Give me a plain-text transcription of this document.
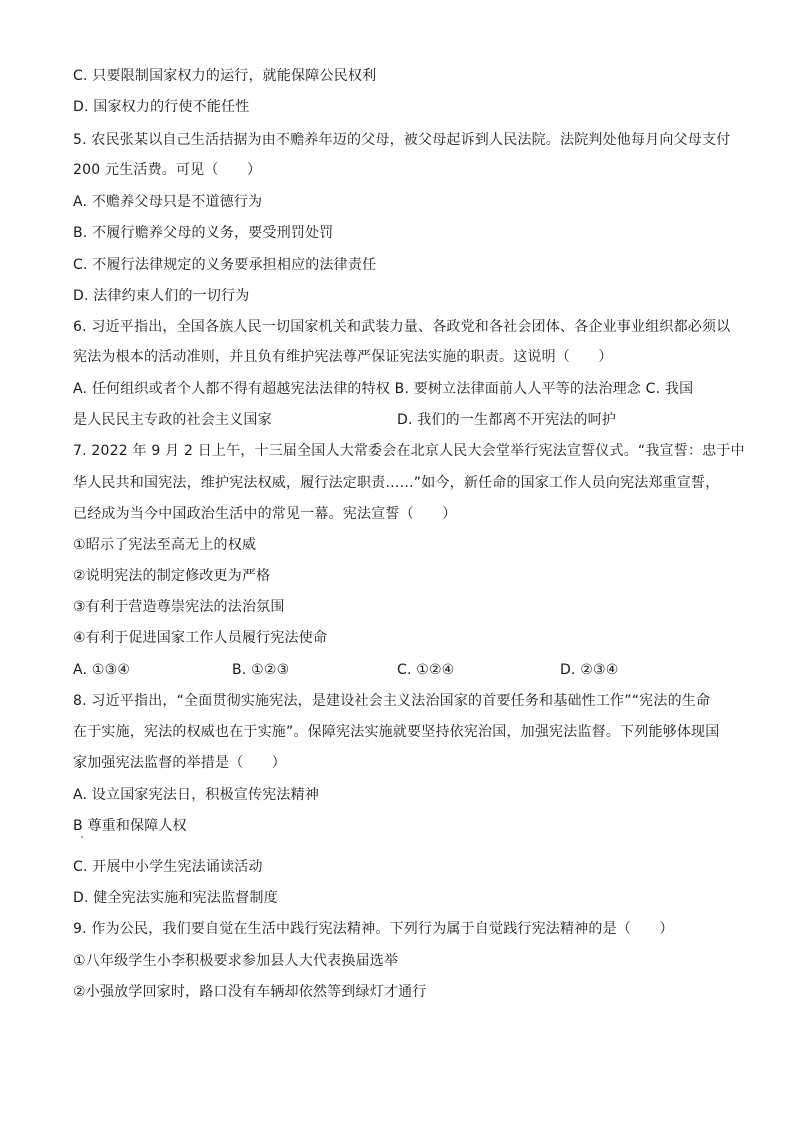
C. 只要限制国家权力的运行，就能保障公民权利
D. 国家权力的行使不能任性
5. 农民张某以自己生活拮据为由不赡养年迈的父母，被父母起诉到人民法院。法院判处他每月向父母支付
200 元生活费。可见（　　）
A. 不赡养父母只是不道德行为
B. 不履行赡养父母的义务，要受刑罚处罚
C. 不履行法律规定的义务要承担相应的法律责任
D. 法律约束人们的一切行为
6. 习近平指出，全国各族人民一切国家机关和武装力量、各政党和各社会团体、各企业事业组织都必须以
宪法为根本的活动准则，并且负有维护宪法尊严保证宪法实施的职责。这说明（　　）
A. 任何组织或者个人都不得有超越宪法法律的特权 B. 要树立法律面前人人平等的法治理念 C. 我国
是人民民主专政的社会主义国家	D. 我们的一生都离不开宪法的呵护
7. 2022 年 9 月 2 日上午，十三届全国人大常委会在北京人民大会堂举行宪法宣誓仪式。“我宣誓：忠于中
华人民共和国宪法，维护宪法权威，履行法定职责……”如今，新任命的国家工作人员向宪法郑重宣誓，
已经成为当今中国政治生活中的常见一幕。宪法宣誓（　　）
①昭示了宪法至高无上的权威
②说明宪法的制定修改更为严格
③有利于营造尊崇宪法的法治氛围
④有利于促进国家工作人员履行宪法使命
A. ①③④	B. ①②③	C. ①②④	D. ②③④
8. 习近平指出，“全面贯彻实施宪法，是建设社会主义法治国家的首要任务和基础性工作”“宪法的生命
在于实施，宪法的权威也在于实施”。保障宪法实施就要坚持依宪治国，加强宪法监督。下列能够体现国
家加强宪法监督的举措是（　　）
A. 设立国家宪法日，积极宣传宪法精神
B 尊重和保障人权
C. 开展中小学生宪法诵读活动
D. 健全宪法实施和宪法监督制度
9. 作为公民，我们要自觉在生活中践行宪法精神。下列行为属于自觉践行宪法精神的是（　　）
①八年级学生小李积极要求参加县人大代表换届选举
②小强放学回家时，路口没有车辆却依然等到绿灯才通行
